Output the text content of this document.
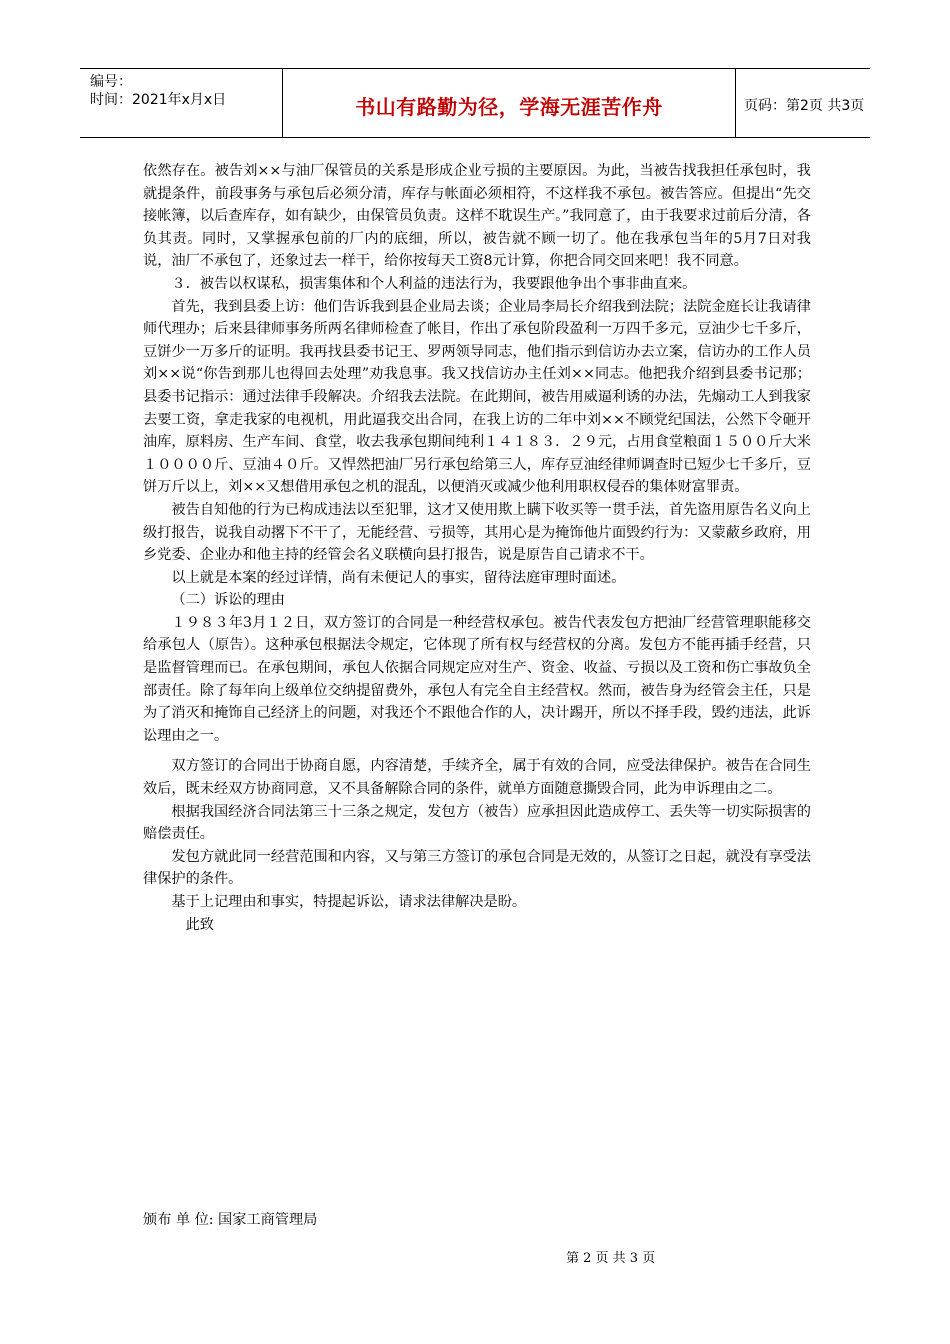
编号：
时间：2021年x月x日	书山有路勤为径，学海无涯苦作舟	页码：第2页 共3页

依然存在。被告刘××与油厂保管员的关系是形成企业亏损的主要原因。为此，当被告找我担任承包时，我就提条件，前段事务与承包后必须分清，库存与帐面必须相符，不这样我不承包。被告答应。但提出“先交接帐簿，以后查库存，如有缺少，由保管员负责。这样不耽误生产。”我同意了，由于我要求过前后分清，各负其责。同时，又掌握承包前的厂内的底细，所以，被告就不顾一切了。他在我承包当年的5月7日对我说，油厂不承包了，还象过去一样干，给你按每天工资8元计算，你把合同交回来吧！我不同意。

３．被告以权谋私，损害集体和个人利益的违法行为，我要跟他争出个事非曲直来。

首先，我到县委上访：他们告诉我到县企业局去谈；企业局李局长介绍我到法院；法院金庭长让我请律师代理办；后来县律师事务所两名律师检查了帐目，作出了承包阶段盈利一万四千多元，豆油少七千多斤，豆饼少一万多斤的证明。我再找县委书记王、罗两领导同志，他们指示到信访办去立案，信访办的工作人员刘××说“你告到那儿也得回去处理”劝我息事。我又找信访办主任刘××同志。他把我介绍到县委书记那；县委书记指示：通过法律手段解决。介绍我去法院。在此期间，被告用威逼利诱的办法，先煽动工人到我家去要工资，拿走我家的电视机，用此逼我交出合同，在我上访的二年中刘××不顾党纪国法，公然下令砸开油库，原料房、生产车间、食堂，收去我承包期间纯利１４１８３．２９元，占用食堂粮面１５００斤大米１００００斤、豆油４０斤。又悍然把油厂另行承包给第三人，库存豆油经律师调查时已短少七千多斤，豆饼万斤以上，刘××又想借用承包之机的混乱，以便消灭或减少他利用职权侵吞的集体财富罪责。

被告自知他的行为已构成违法以至犯罪，这才又使用欺上瞒下收买等一贯手法，首先盗用原告名义向上级打报告，说我自动撂下不干了，无能经营、亏损等，其用心是为掩饰他片面毁约行为：又蒙蔽乡政府，用乡党委、企业办和他主持的经管会名义联横向县打报告，说是原告自己请求不干。

以上就是本案的经过详情，尚有未便记人的事实，留待法庭审理时面述。

（二）诉讼的理由

１９８３年3月１２日，双方签订的合同是一种经营权承包。被告代表发包方把油厂经营管理职能移交给承包人（原告）。这种承包根据法令规定，它体现了所有权与经营权的分离。发包方不能再插手经营，只是监督管理而已。在承包期间，承包人依据合同规定应对生产、资金、收益、亏损以及工资和伤亡事故负全部责任。除了每年向上级单位交纳提留费外，承包人有完全自主经营权。然而，被告身为经管会主任，只是为了消灭和掩饰自己经济上的问题，对我还个不跟他合作的人，决计踢开，所以不择手段，毁约违法，此诉讼理由之一。

双方签订的合同出于协商自愿，内容清楚，手续齐全，属于有效的合同，应受法律保护。被告在合同生效后，既未经双方协商同意，又不具备解除合同的条件，就单方面随意撕毁合同，此为申诉理由之二。

根据我国经济合同法第三十三条之规定，发包方（被告）应承担因此造成停工、丢失等一切实际损害的赔偿责任。

发包方就此同一经营范围和内容，又与第三方签订的承包合同是无效的，从签订之日起，就没有享受法律保护的条件。

基于上记理由和事实，特提起诉讼，请求法律解决是盼。

此致

颁布 单 位: 国家工商管理局
第 2 页 共 3 页
